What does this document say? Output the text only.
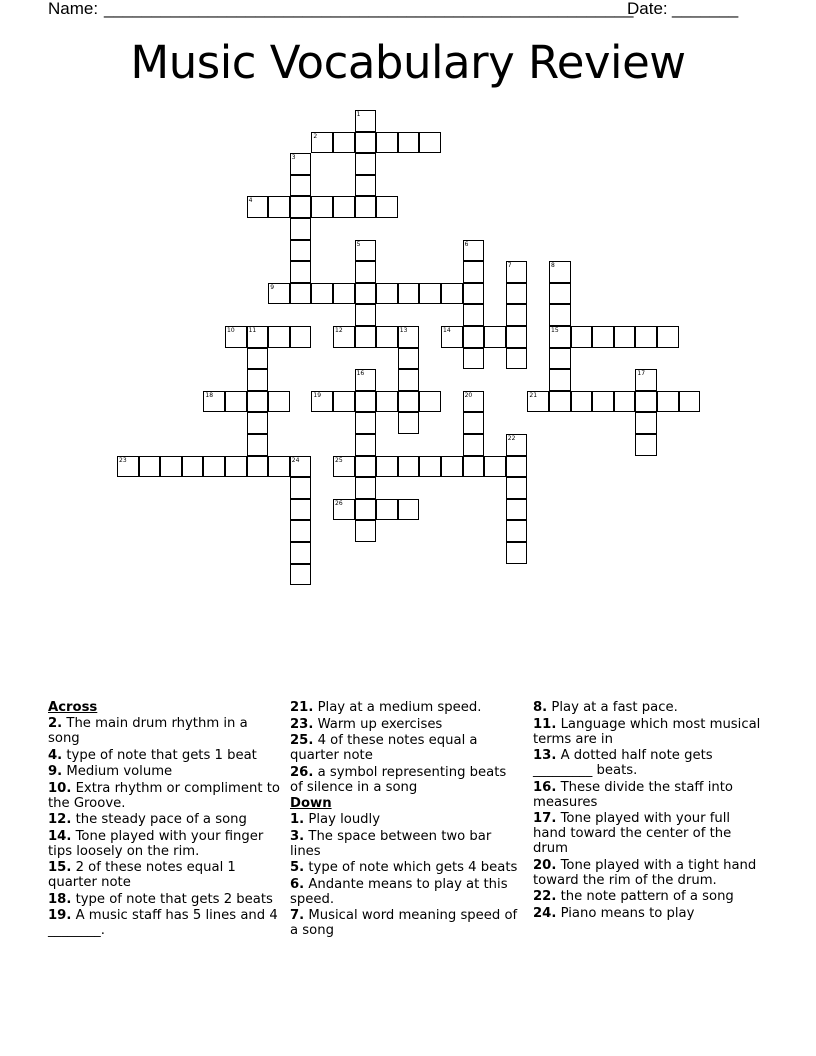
Name: ________________________________________________________
Date: _______
Music Vocabulary Review
1
2
3
4
5	6
7	8
15
9
10 11	12	13	14
16	17
18	19	20	21
22
23	24	25
26
Across
2. The main drum rhythm in a song
4. type of note that gets 1 beat
9. Medium volume
10. Extra rhythm or compliment to the Groove.
12. the steady pace of a song
14. Tone played with your finger tips loosely on the rim.
15. 2 of these notes equal 1 quarter note
18. type of note that gets 2 beats
19. A music staff has 5 lines and 4 ________.
21. Play at a medium speed.
23. Warm up exercises
25. 4 of these notes equal a quarter note
26. a symbol representing beats of silence in a song
Down
1. Play loudly
3. The space between two bar lines
5. type of note which gets 4 beats
6. Andante means to play at this speed.
7. Musical word meaning speed of a song
8. Play at a fast pace.
11. Language which most musical terms are in
13. A dotted half note gets _________ beats.
16. These divide the staff into measures
17. Tone played with your full hand toward the center of the drum
20. Tone played with a tight hand toward the rim of the drum.
22. the note pattern of a song
24. Piano means to play
